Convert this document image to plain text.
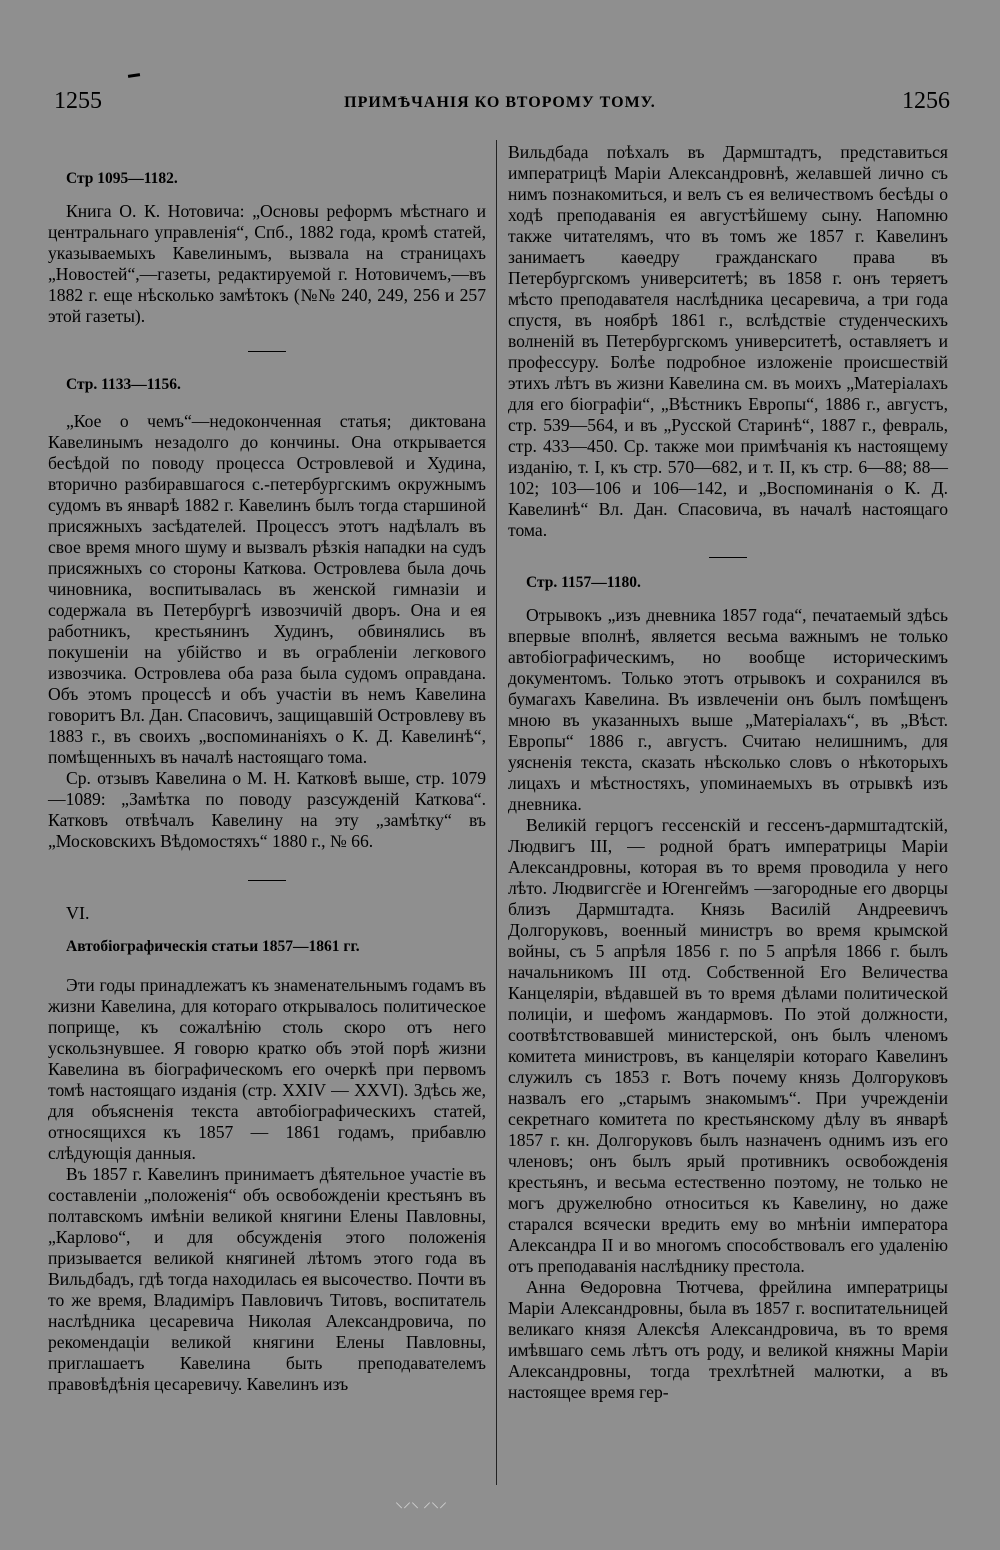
1255	ПРИМѢЧАНІЯ КО ВТОРОМУ ТОМУ.	1256

Стр 1095—1182.

Книга О. К. Нотовича: „Основы реформъ мѣстнаго и центральнаго управленія“, Спб., 1882 года, кромѣ статей, указываемыхъ Кавелинымъ, вызвала на страницахъ „Новостей“,—газеты, редактируемой г. Нотовичемъ,—въ 1882 г. еще нѣсколько замѣтокъ (№№ 240, 249, 256 и 257 этой газеты).

Стр. 1133—1156.

„Кое о чемъ“—недоконченная статья; диктована Кавелинымъ незадолго до кончины. Она открывается бесѣдой по поводу процесса Островлевой и Худина, вторично разбиравшагося с.-петербургскимъ окружнымъ судомъ въ январѣ 1882 г. Кавелинъ былъ тогда старшиной присяжныхъ засѣдателей. Процессъ этотъ надѣлалъ въ свое время много шуму и вызвалъ рѣзкія нападки на судъ присяжныхъ со стороны Каткова. Островлева была дочь чиновника, воспитывалась въ женской гимназіи и содержала въ Петербургѣ извозчичій дворъ. Она и ея работникъ, крестьянинъ Худинъ, обвинялись въ покушеніи на убійство и въ ограбленіи легкового извозчика. Островлева оба раза была судомъ оправдана. Объ этомъ процессѣ и объ участіи въ немъ Кавелина говоритъ Вл. Дан. Спасовичъ, защищавшій Островлеву въ 1883 г., въ своихъ „воспоминаніяхъ о К. Д. Кавелинѣ“, помѣщенныхъ въ началѣ настоящаго тома.

Ср. отзывъ Кавелина о М. Н. Катковѣ выше, стр. 1079—1089: „Замѣтка по поводу разсужденій Каткова“. Катковъ отвѣчалъ Кавелину на эту „замѣтку“ въ „Московскихъ Вѣдомостяхъ“ 1880 г., № 66.

VI.

Автобіографическія статьи 1857—1861 гг.

Эти годы принадлежатъ къ знаменательнымъ годамъ въ жизни Кавелина, для котораго открывалось политическое поприще, къ сожалѣнію столь скоро отъ него ускользнувшее. Я говорю кратко объ этой порѣ жизни Кавелина въ біографическомъ его очеркѣ при первомъ томѣ настоящаго изданія (стр. XXIV — XXVI). Здѣсь же, для объясненія текста автобіографическихъ статей, относящихся къ 1857 — 1861 годамъ, прибавлю слѣдующія данныя.

Въ 1857 г. Кавелинъ принимаетъ дѣятельное участіе въ составленіи „положенія“ объ освобожденіи крестьянъ въ полтавскомъ имѣніи великой княгини Елены Павловны, „Карлово“, и для обсужденія этого положенія призывается великой княгиней лѣтомъ этого года въ Вильдбадъ, гдѣ тогда находилась ея высочество. Почти въ то же время, Владиміръ Павловичъ Титовъ, воспитатель наслѣдника цесаревича Николая Александровича, по рекомендаціи великой княгини Елены Павловны, приглашаетъ Кавелина быть преподавателемъ правовѣдѣнія цесаревичу. Кавелинъ изъ

Вильдбада поѣхалъ въ Дармштадтъ, представиться императрицѣ Маріи Александровнѣ, желавшей лично съ нимъ познакомиться, и велъ съ ея величествомъ бесѣды о ходѣ преподаванія ея августѣйшему сыну. Напомню также читателямъ, что въ томъ же 1857 г. Кавелинъ занимаетъ каѳедру гражданскаго права въ Петербургскомъ университетѣ; въ 1858 г. онъ теряетъ мѣсто преподавателя наслѣдника цесаревича, а три года спустя, въ ноябрѣ 1861 г., вслѣдствіе студенческихъ волненій въ Петербургскомъ университетѣ, оставляетъ и профессуру. Болѣе подробное изложеніе происшествій этихъ лѣтъ въ жизни Кавелина см. въ моихъ „Матеріалахъ для его біографіи“, „Вѣстникъ Европы“, 1886 г., августъ, стр. 539—564, и въ „Русской Старинѣ“, 1887 г., февраль, стр. 433—450. Ср. также мои примѣчанія къ настоящему изданію, т. I, къ стр. 570—682, и т. II, къ стр. 6—88; 88—102; 103—106 и 106—142, и „Воспоминанія о К. Д. Кавелинѣ“ Вл. Дан. Спасовича, въ началѣ настоящаго тома.

Стр. 1157—1180.

Отрывокъ „изъ дневника 1857 года“, печатаемый здѣсь впервые вполнѣ, является весьма важнымъ не только автобіографическимъ, но вообще историческимъ документомъ. Только этотъ отрывокъ и сохранился въ бумагахъ Кавелина. Въ извлеченіи онъ былъ помѣщенъ мною въ указанныхъ выше „Матеріалахъ“, въ „Вѣст. Европы“ 1886 г., августъ. Считаю нелишнимъ, для уясненія текста, сказать нѣсколько словъ о нѣкоторыхъ лицахъ и мѣстностяхъ, упоминаемыхъ въ отрывкѣ изъ дневника.

Великій герцогъ гессенскій и гессенъ-дармштадтскій, Людвигъ III, — родной братъ императрицы Маріи Александровны, которая въ то время проводила у него лѣто. Людвигсгёе и Югенгеймъ —загородные его дворцы близъ Дармштадта. Князь Василій Андреевичъ Долгоруковъ, военный министръ во время крымской войны, съ 5 апрѣля 1856 г. по 5 апрѣля 1866 г. былъ начальникомъ III отд. Собственной Его Величества Канцеляріи, вѣдавшей въ то время дѣлами политической полиціи, и шефомъ жандармовъ. По этой должности, соотвѣтствовавшей министерской, онъ былъ членомъ комитета министровъ, въ канцеляріи котораго Кавелинъ служилъ съ 1853 г. Вотъ почему князь Долгоруковъ назвалъ его „старымъ знакомымъ“. При учрежденіи секретнаго комитета по крестьянскому дѣлу въ январѣ 1857 г. кн. Долгоруковъ былъ назначенъ однимъ изъ его членовъ; онъ былъ ярый противникъ освобожденія крестьянъ, и весьма естественно поэтому, не только не могъ дружелюбно относиться къ Кавелину, но даже старался всячески вредить ему во мнѣніи императора Александра II и во многомъ способствовалъ его удаленію отъ преподаванія наслѣднику престола.

Анна Ѳедоровна Тютчева, фрейлина императрицы Маріи Александровны, была въ 1857 г. воспитательницей великаго князя Алексѣя Александровича, въ то время имѣвшаго семь лѣтъ отъ роду, и великой княжны Маріи Александровны, тогда трехлѣтней малютки, а въ настоящее время гер-

⸜⸝⸜ ⸝⸜⸝
